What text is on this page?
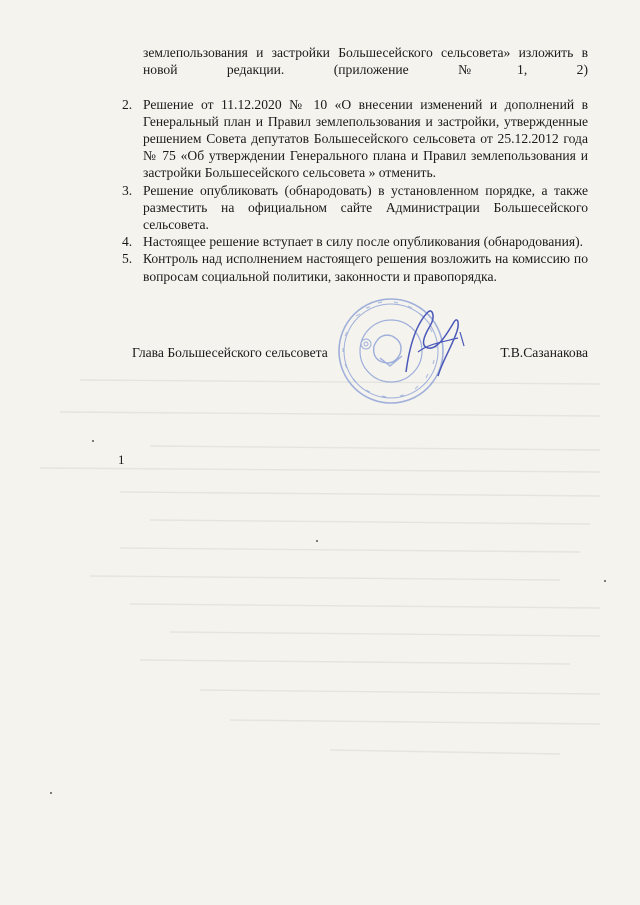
землепользования и застройки Большесейского сельсовета» изложить в новой редакции. (приложение №1, 2)

2. Решение от 11.12.2020 № 10 «О внесении изменений и дополнений в Генеральный план и Правил землепользования и застройки, утвержденные решением Совета депутатов Большесейского сельсовета от 25.12.2012 года № 75 «Об утверждении Генерального плана и Правил землепользования и застройки Большесейского сельсовета » отменить.

3. Решение опубликовать (обнародовать) в установленном порядке, а также разместить на официальном сайте Администрации Большесейского сельсовета.

4. Настоящее решение вступает в силу после опубликования (обнародования).

5. Контроль над исполнением настоящего решения возложить на комиссию по вопросам социальной политики, законности и правопорядка.

Глава Большесейского сельсовета	Т.В.Сазанакова
1
